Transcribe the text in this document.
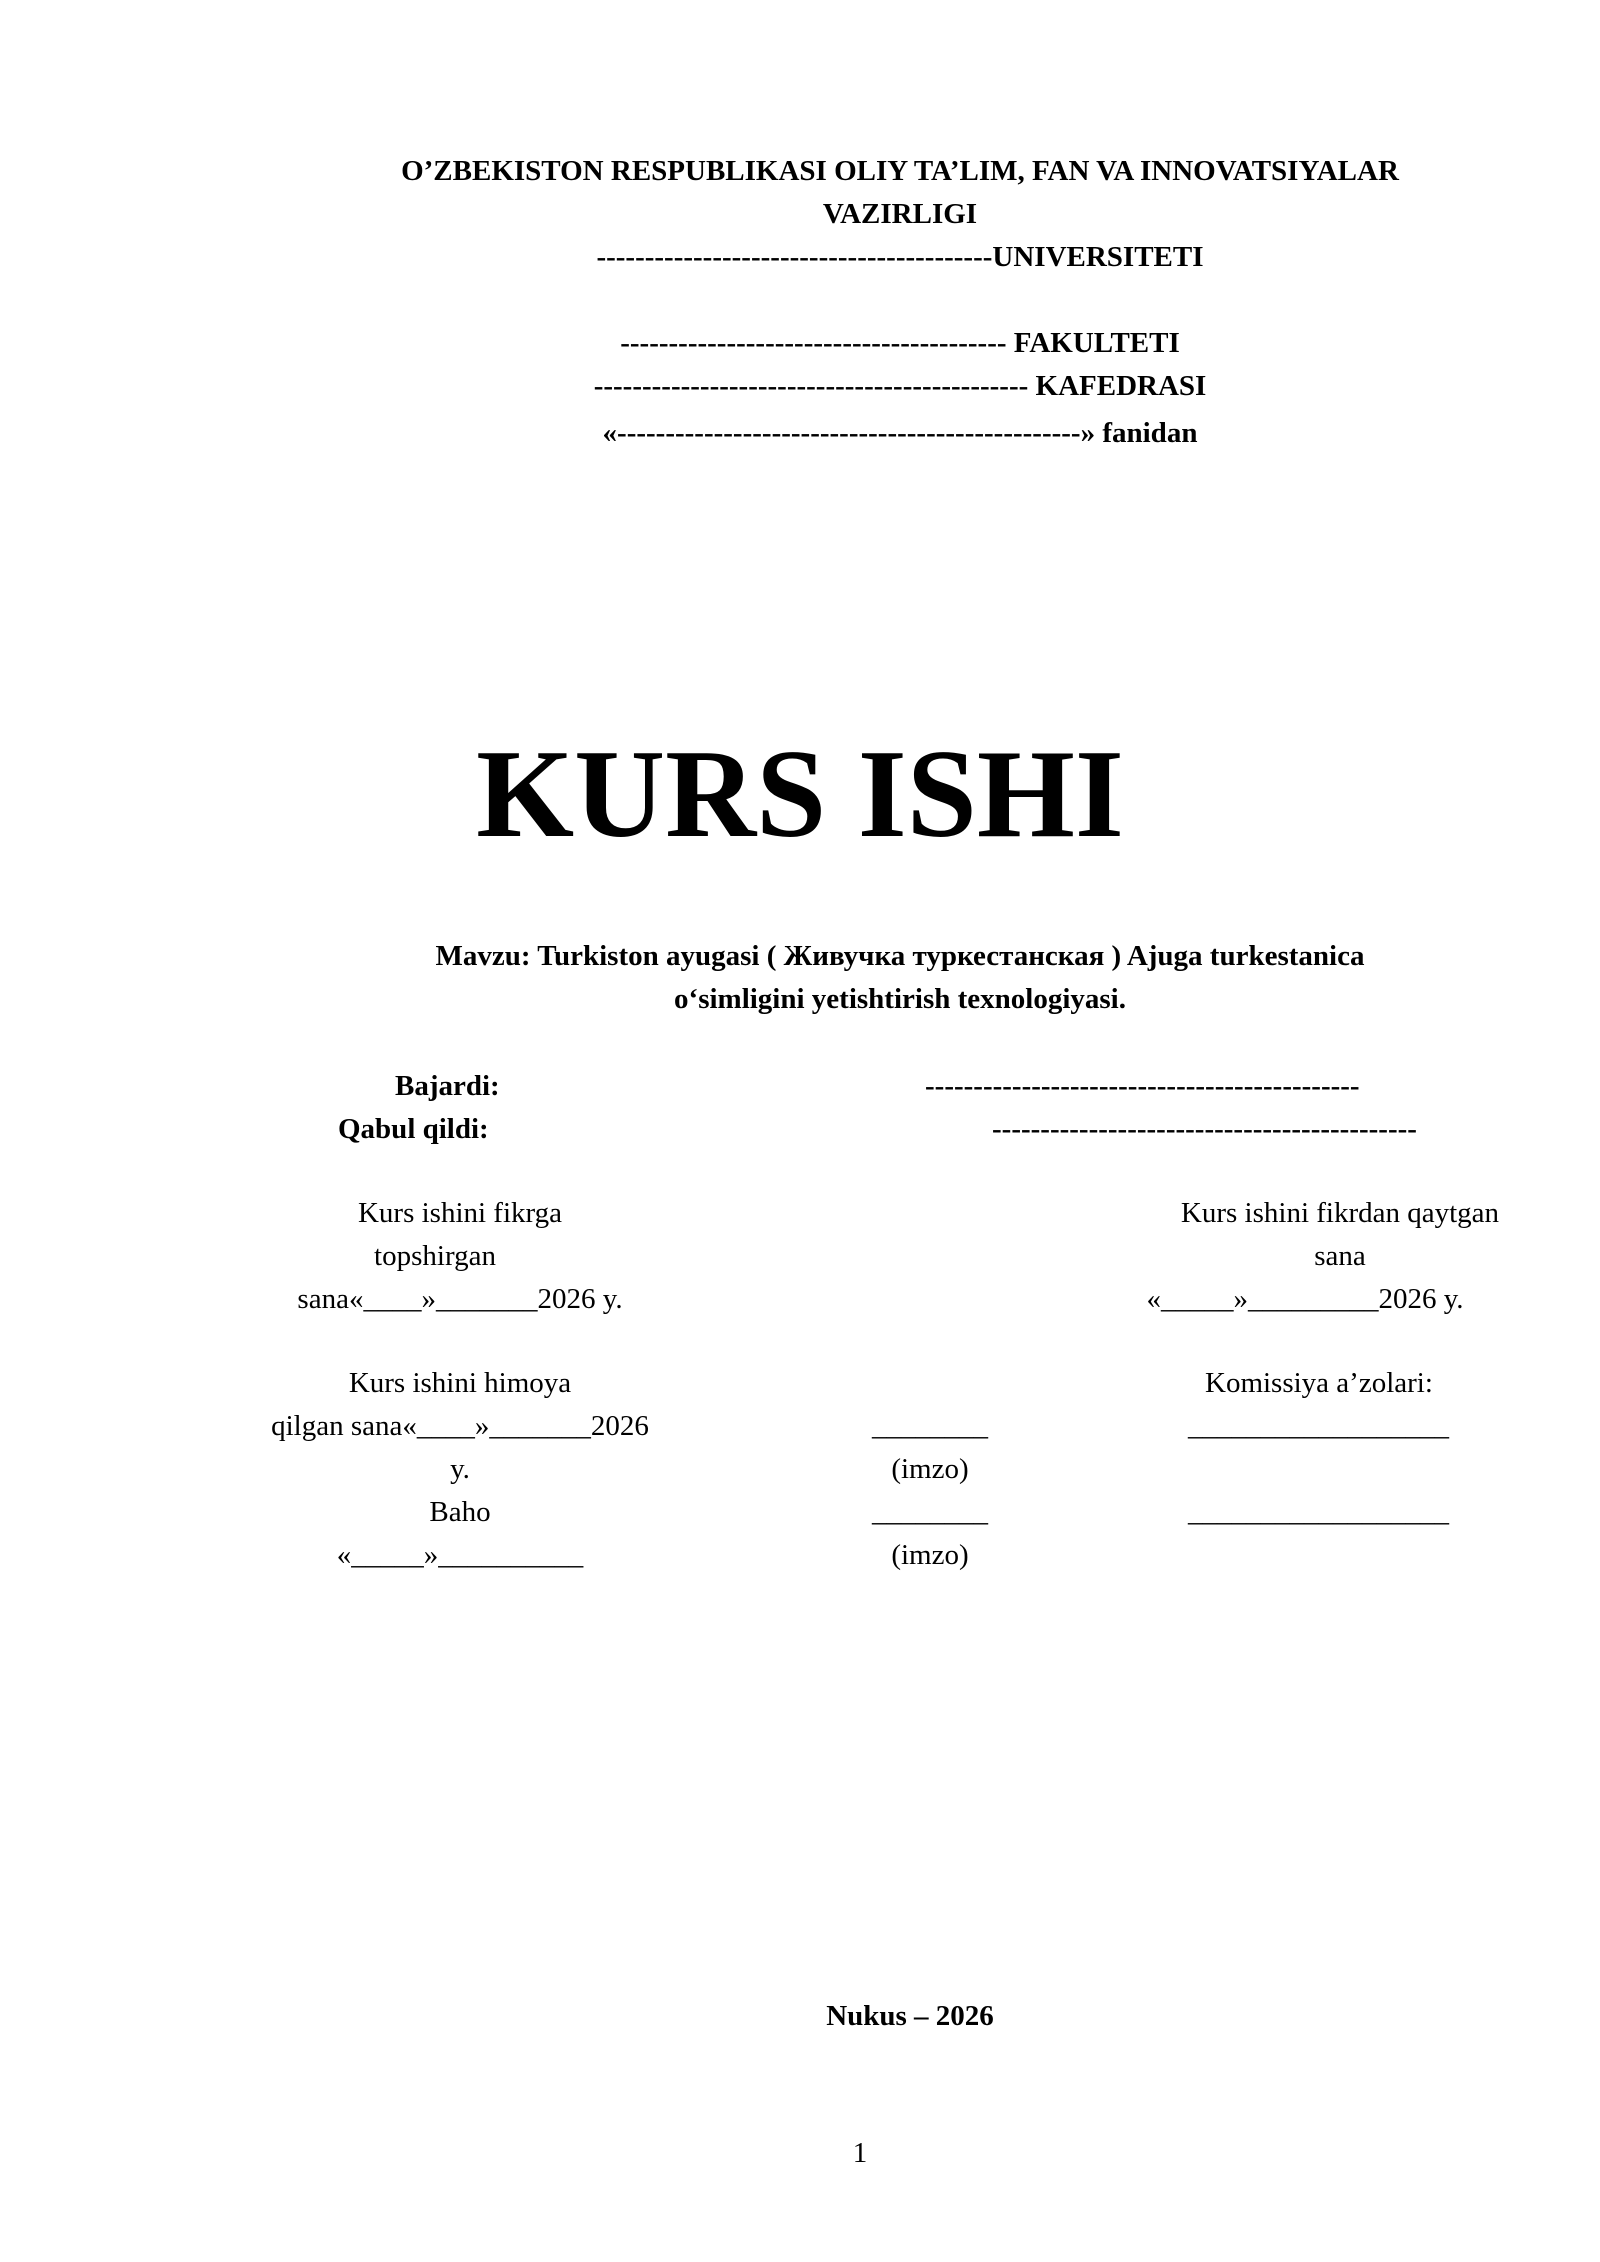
O’ZBEKISTON RESPUBLIKASI OLIY TA’LIM, FAN VA INNOVATSIYALAR
VAZIRLIGI
-----------------------------------------UNIVERSITETI
---------------------------------------- FAKULTETI
--------------------------------------------- KAFEDRASI
«------------------------------------------------» fanidan
KURS ISHI
Mavzu: Turkiston ayugasi ( Живучка туркестанская ) Ajuga turkestanica
o‘simligini yetishtirish texnologiyasi.
Bajardi:	---------------------------------------------
Qabul qildi:	--------------------------------------------
Kurs ishini fikrga
topshirgan
sana«____»_______2026 y.
Kurs ishini fikrdan qaytgan
sana
«_____»_________2026 y.
Kurs ishini himoya
qilgan sana«____»_______2026
y.
Baho
«_____»__________
Komissiya a’zolari:
________
(imzo)
________
(imzo)
__________________
__________________
Nukus – 2026
1
